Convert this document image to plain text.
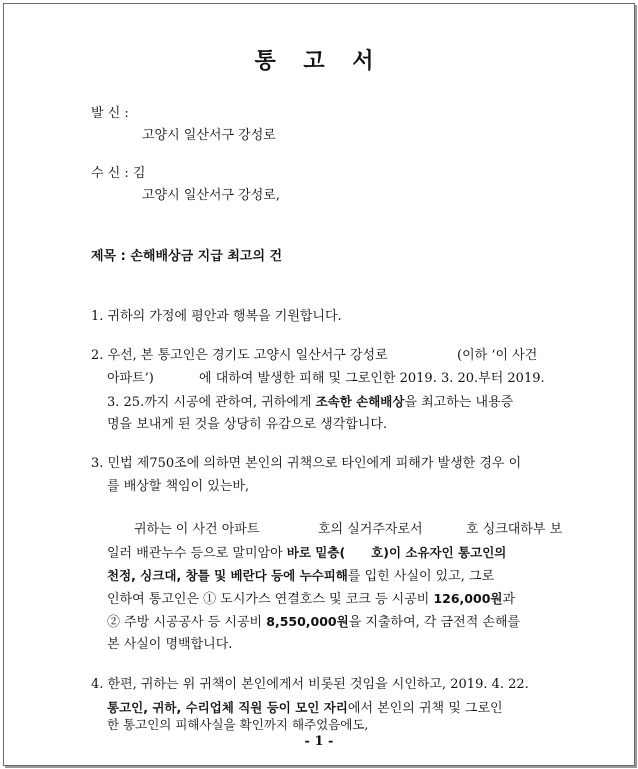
통 고 서
발 신 :
고양시 일산서구 강성로
수 신 : 김
고양시 일산서구 강성로,
제목 : 손해배상금 지급 최고의 건
1. 귀하의 가정에 평안과 행복을 기원합니다.
2. 우선, 본 통고인은 경기도 고양시 일산서구 강성로	(이하 ‘이 사건
아파트’)	에 대하여 발생한 피해 및 그로인한 2019. 3. 20.부터 2019.
3. 25.까지 시공에 관하여, 귀하에게 조속한 손해배상을 최고하는 내용증
명을 보내게 된 것을 상당히 유감으로 생각합니다.
3. 민법 제750조에 의하면 본인의 귀책으로 타인에게 피해가 발생한 경우 이
를 배상할 책임이 있는바,
귀하는 이 사건 아파트	호의 실거주자로서	호 싱크대하부 보
일러 배관누수 등으로 말미암아 바로 밑층( 호)이 소유자인 통고인의
천정, 싱크대, 창틀 및 베란다 등에 누수피해를 입힌 사실이 있고, 그로
인하여 통고인은 ① 도시가스 연결호스 및 코크 등 시공비 126,000원과
② 주방 시공공사 등 시공비 8,550,000원을 지출하여, 각 금전적 손해를
본 사실이 명백합니다.
4. 한편, 귀하는 위 귀책이 본인에게서 비롯된 것임을 시인하고, 2019. 4. 22.
통고인, 귀하, 수리업체 직원 등이 모인 자리에서 본인의 귀책 및 그로인
한 통고인의 피해사실을 확인까지 해주었음에도,
- 1 -
